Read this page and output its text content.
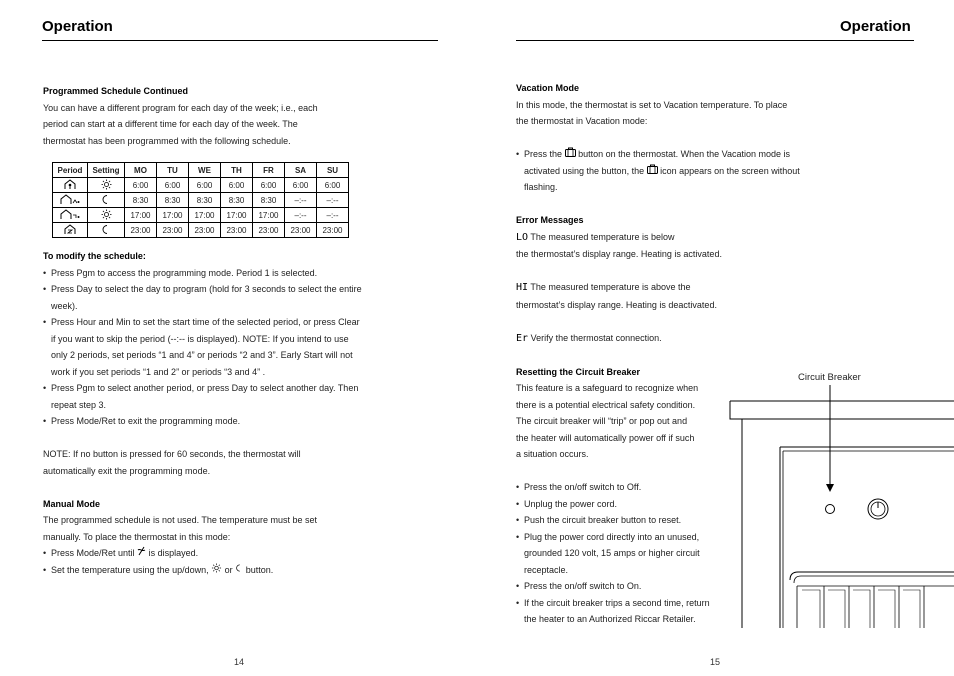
Operation

Programmed Schedule Continued

You can have a different program for each day of the week; i.e., each

period can start at a different time for each day of the week. The

thermostat has been programmed with the following schedule.

Period	Setting	MO	TU	WE	TH	FR	SA	SU
		6:00	6:00	6:00	6:00	6:00	6:00	6:00
		8:30	8:30	8:30	8:30	8:30	–:--	–:--
		17:00	17:00	17:00	17:00	17:00	–:--	–:--
		23:00	23:00	23:00	23:00	23:00	23:00	23:00

To modify the schedule:

• Press Pgm to access the programming mode. Period 1 is selected.

• Press Day to select the day to program (hold for 3 seconds to select the entire week).

• Press Hour and Min to set the start time of the selected period, or press Clear if you want to skip the period (--:-- is displayed). NOTE: If you intend to use only 2 periods, set periods “1 and 4” or periods “2 and 3”. Early Start will not work if you set periods “1 and 2” or periods “3 and 4” .

• Press Pgm to select another period, or press Day to select another day. Then repeat step 3.

• Press Mode/Ret to exit the programming mode.

NOTE: If no button is pressed for 60 seconds, the thermostat will automatically exit the programming mode.

Manual Mode

The programmed schedule is not used. The temperature must be set manually. To place the thermostat in this mode:

• Press Mode/Ret until is displayed.

• Set the temperature using the up/down, or button.

14
Operation

Vacation Mode

In this mode, the thermostat is set to Vacation temperature. To place the thermostat in Vacation mode:

• Press the button on the thermostat. When the Vacation mode is activated using the button, the icon appears on the screen without flashing.

Error Messages

LO The measured temperature is below

the thermostat’s display range. Heating is activated.

HI The measured temperature is above the

thermostat’s display range. Heating is deactivated.

Er Verify the thermostat connection.

Resetting the Circuit Breaker

This feature is a safeguard to recognize when

there is a potential electrical safety condition.

The circuit breaker will “trip” or pop out and

the heater will automatically power off if such

a situation occurs.

• Press the on/off switch to Off.

• Unplug the power cord.

• Push the circuit breaker button to reset.

• Plug the power cord directly into an unused, grounded 120 volt, 15 amps or higher circuit receptacle.

• Press the on/off switch to On.

• If the circuit breaker trips a second time, return the heater to an Authorized Riccar Retailer.

Circuit Breaker
15
